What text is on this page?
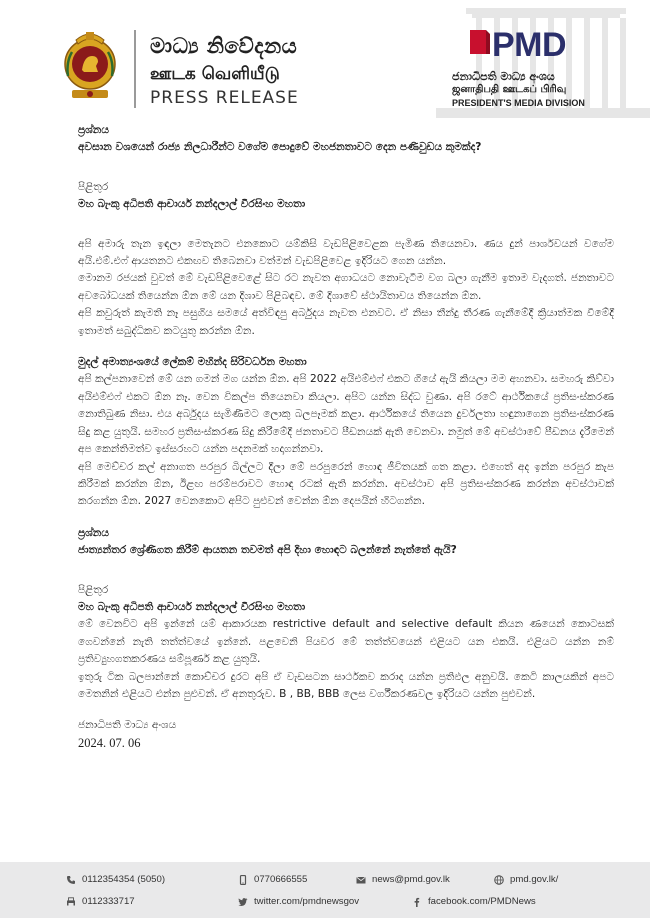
මාධ්‍ය නිවේදනය
ஊடக வெளியீடு
PRESS RELEASE
PMD
ජනාධිපති මාධ්‍ය අංශය
ஜனாதிபதி ஊடகப் பிரிவு
PRESIDENT'S MEDIA DIVISION
ප්‍රශ්නය
අවසාන වශයෙන් රාජ්‍ය නිලධාරීන්ට වගේම පොදුවේ මහජනතාවට දෙන පණිවුඩය කුමක්ද?
පිළිතුර
මහ බැංකු අධිපති ආචාර්ය නන්දලාල් වීරසිංහ මහතා
අපි අමාරු තැන ඉඳලා මෙතැනට එනකොට යම්කිසි වැඩපිළිවෙළක පැමිණ තියෙනවා. ණය දුන් පාර්ශවයන් වගේම අයි.එම්.එෆ් ආයතනට එකඟව තිබෙනවා වත්මන් වැඩපිළිවෙළ ඉදිරියට ගෙන යන්න.
මොනම රජයක් වුවත් මේ වැඩපිළිවෙළේ සිට රට නැවත අගාධයට නොවැටීම වග බලා ගැනීම ඉතාම වැදගත්. ජනතාවට අවබෝධයක් තියෙන්න ඕන මේ යන දිශාව පිළිබඳව. මේ දිශාවේ ස්ථායිතාවය තියෙන්න ඕන.
අපි කවුරුත් කැමති නෑ පසුගිය සමයේ අත්විඳපු අර්බුදය නැවත එනවට. ඒ නිසා තීන්දු තීරණ ගැනීමේදී ක්‍රියාත්මක වීමේදී ඉතාමත් සබුද්ධිකව කටයුතු කරන්න ඕන.
මුදල් අමාත්‍යංශයේ ලේකම් මහින්ද සිරිවර්ධන මහතා
අපි කල්පනාවෙන් මේ යන ගමන් මග යන්න ඕන. අපි 2022 අයිඑම්එෆ් එකට ගියේ ඇයි කියලා මම අහනවා. සමහරු කිව්වා අයිඑම්එෆ් එකට ඕන නෑ. වෙන විකල්ප තියෙනවා කියලා. අපිට යන්න සිද්ධ වුණා. අපි රටේ ආර්ථිකයේ ප්‍රතිසංස්කරණ නොතිබුණ නිසා. එය අර්බුදය සැමිණීමට ලොකු බලපෑමක් කළා. ආර්ථිකයේ තියෙන දුර්වලතා හඳුනාගෙන ප්‍රතිසංස්කරණ සිදු කළ යුතුයි. සමහර ප්‍රතිසංස්කරණ සිදු කිරීමේදී ජනතාවට පීඩනයක් ඇති වෙනවා. නමුත් මේ අවස්ථාවේ පීඩනය දැරීමෙන් අප කෙන්තිමත්ව ඉස්සරහට යන්න පදනමක් හදාගන්නවා.
අපි මෙච්චර කල් අනාගත පරපුර බිල්ලට දීලා මේ පරපුරෙන් හොඳ ජීවිතයක් ගත කළා. එහෙත් අද ඉන්න පරපුර කැප කිරීමක් කරන්න ඕන, ඊළඟ පරම්පරාවට හොඳ රටක් ඇති කරන්න. අවස්ථාව අපි ප්‍රතිසංස්කරණ කරන්න අවස්ථාවක් කරගන්න ඕන. 2027 වෙනකොට අපිට පුළුවන් වෙන්න ඕන දෙපයින් හිටගන්න.
ප්‍රශ්නය
ජාත්‍යන්තර ශ්‍රේණිගත කිරීම් ආයතන තවමත් අපි දිහා හොඳට බලන්නේ නැත්තේ ඇයි?
පිළිතුර
මහ බැංකු අධිපති ආචාර්ය නන්දලාල් වීරසිංහ මහතා
මේ වෙනවිට අපි ඉන්නේ යම් ආකාරයක restrictive default and selective default කියන ණයෙන් කොටසක් ගෙවන්නේ නැති තත්ත්වයේ ඉන්නේ. පළවෙනි පියවර මේ තත්ත්වයෙන් එළියට යන එකයි. එළියට යන්න නම් ප්‍රතිව්‍යුහගතකරණය සම්පූර්ණ කළ යුතුයි.
ඉතුරු ටික බලපාන්නේ කොච්චර දුරට අපි ඒ වැඩසටන සාර්ථකව කරාද යන්න ප්‍රතිඵල අනුවයි. කෙටි කාලයකින් අපට මෙතනින් එළියට එන්න පුළුවන්. ඒ අනතුරුව. B , BB, BBB ලෙස වර්ගීකරණවල ඉදිරියට යන්න පුළුවන්.
ජනාධිපති මාධ්‍ය අංශය
2024. 07. 06
0112354354 (5050)	0770666555	news@pmd.gov.lk	pmd.gov.lk/
0112333717	twitter.com/pmdnewsgov	facebook.com/PMDNews
